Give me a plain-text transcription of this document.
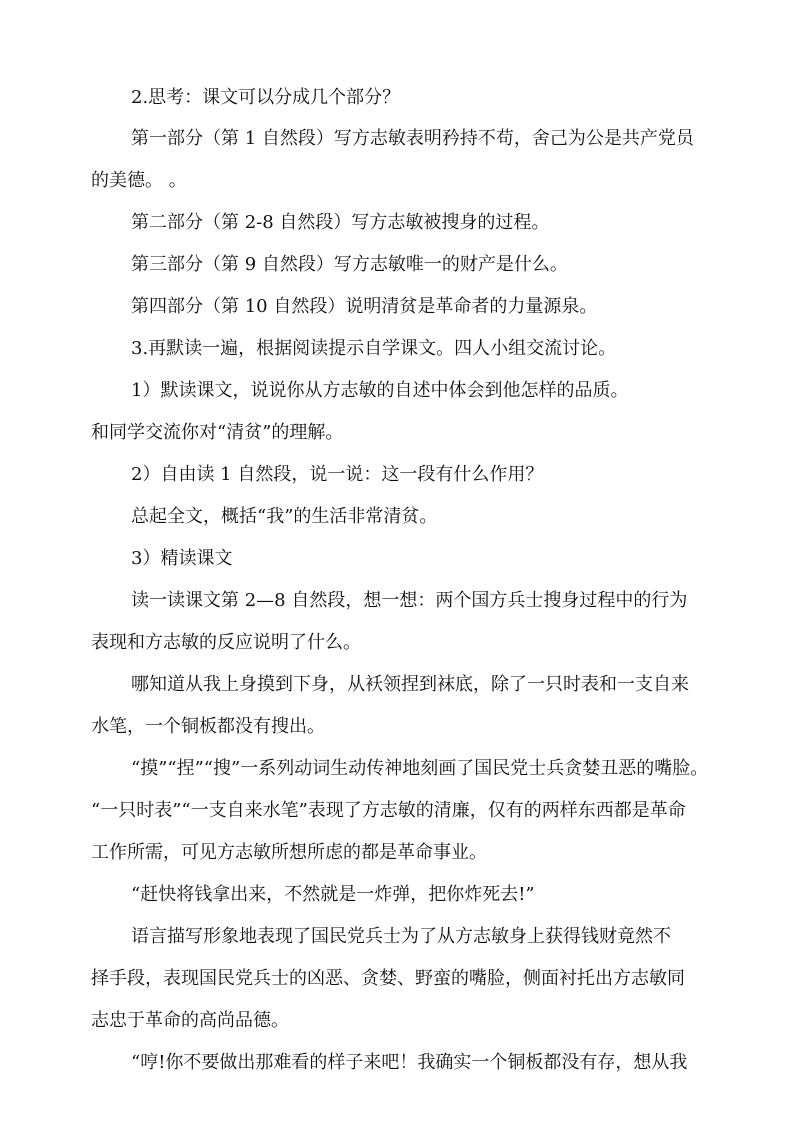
2.思考：课文可以分成几个部分？
第一部分（第 1 自然段）写方志敏表明矜持不苟，舍己为公是共产党员
的美德。 。
第二部分（第 2-8 自然段）写方志敏被搜身的过程。
第三部分（第 9 自然段）写方志敏唯一的财产是什么。
第四部分（第 10 自然段）说明清贫是革命者的力量源泉。
3.再默读一遍，根据阅读提示自学课文。四人小组交流讨论。
1）默读课文，说说你从方志敏的自述中体会到他怎样的品质。
和同学交流你对“清贫”的理解。
2）自由读 1 自然段，说一说：这一段有什么作用？
总起全文，概括“我”的生活非常清贫。
3）精读课文
读一读课文第 2—8 自然段，想一想：两个国方兵士搜身过程中的行为
表现和方志敏的反应说明了什么。
哪知道从我上身摸到下身，从袄领捏到袜底，除了一只时表和一支自来
水笔，一个铜板都没有搜出。
“摸”“捏”“搜”一系列动词生动传神地刻画了国民党士兵贪婪丑恶的嘴脸。
“一只时表”“一支自来水笔”表现了方志敏的清廉，仅有的两样东西都是革命
工作所需，可见方志敏所想所虑的都是革命事业。
“赶快将钱拿出来，不然就是一炸弹，把你炸死去!”
语言描写形象地表现了国民党兵士为了从方志敏身上获得钱财竟然不
择手段，表现国民党兵士的凶恶、贪婪、野蛮的嘴脸，侧面衬托出方志敏同
志忠于革命的高尚品德。
“哼!你不要做出那难看的样子来吧！我确实一个铜板都没有存，想从我
